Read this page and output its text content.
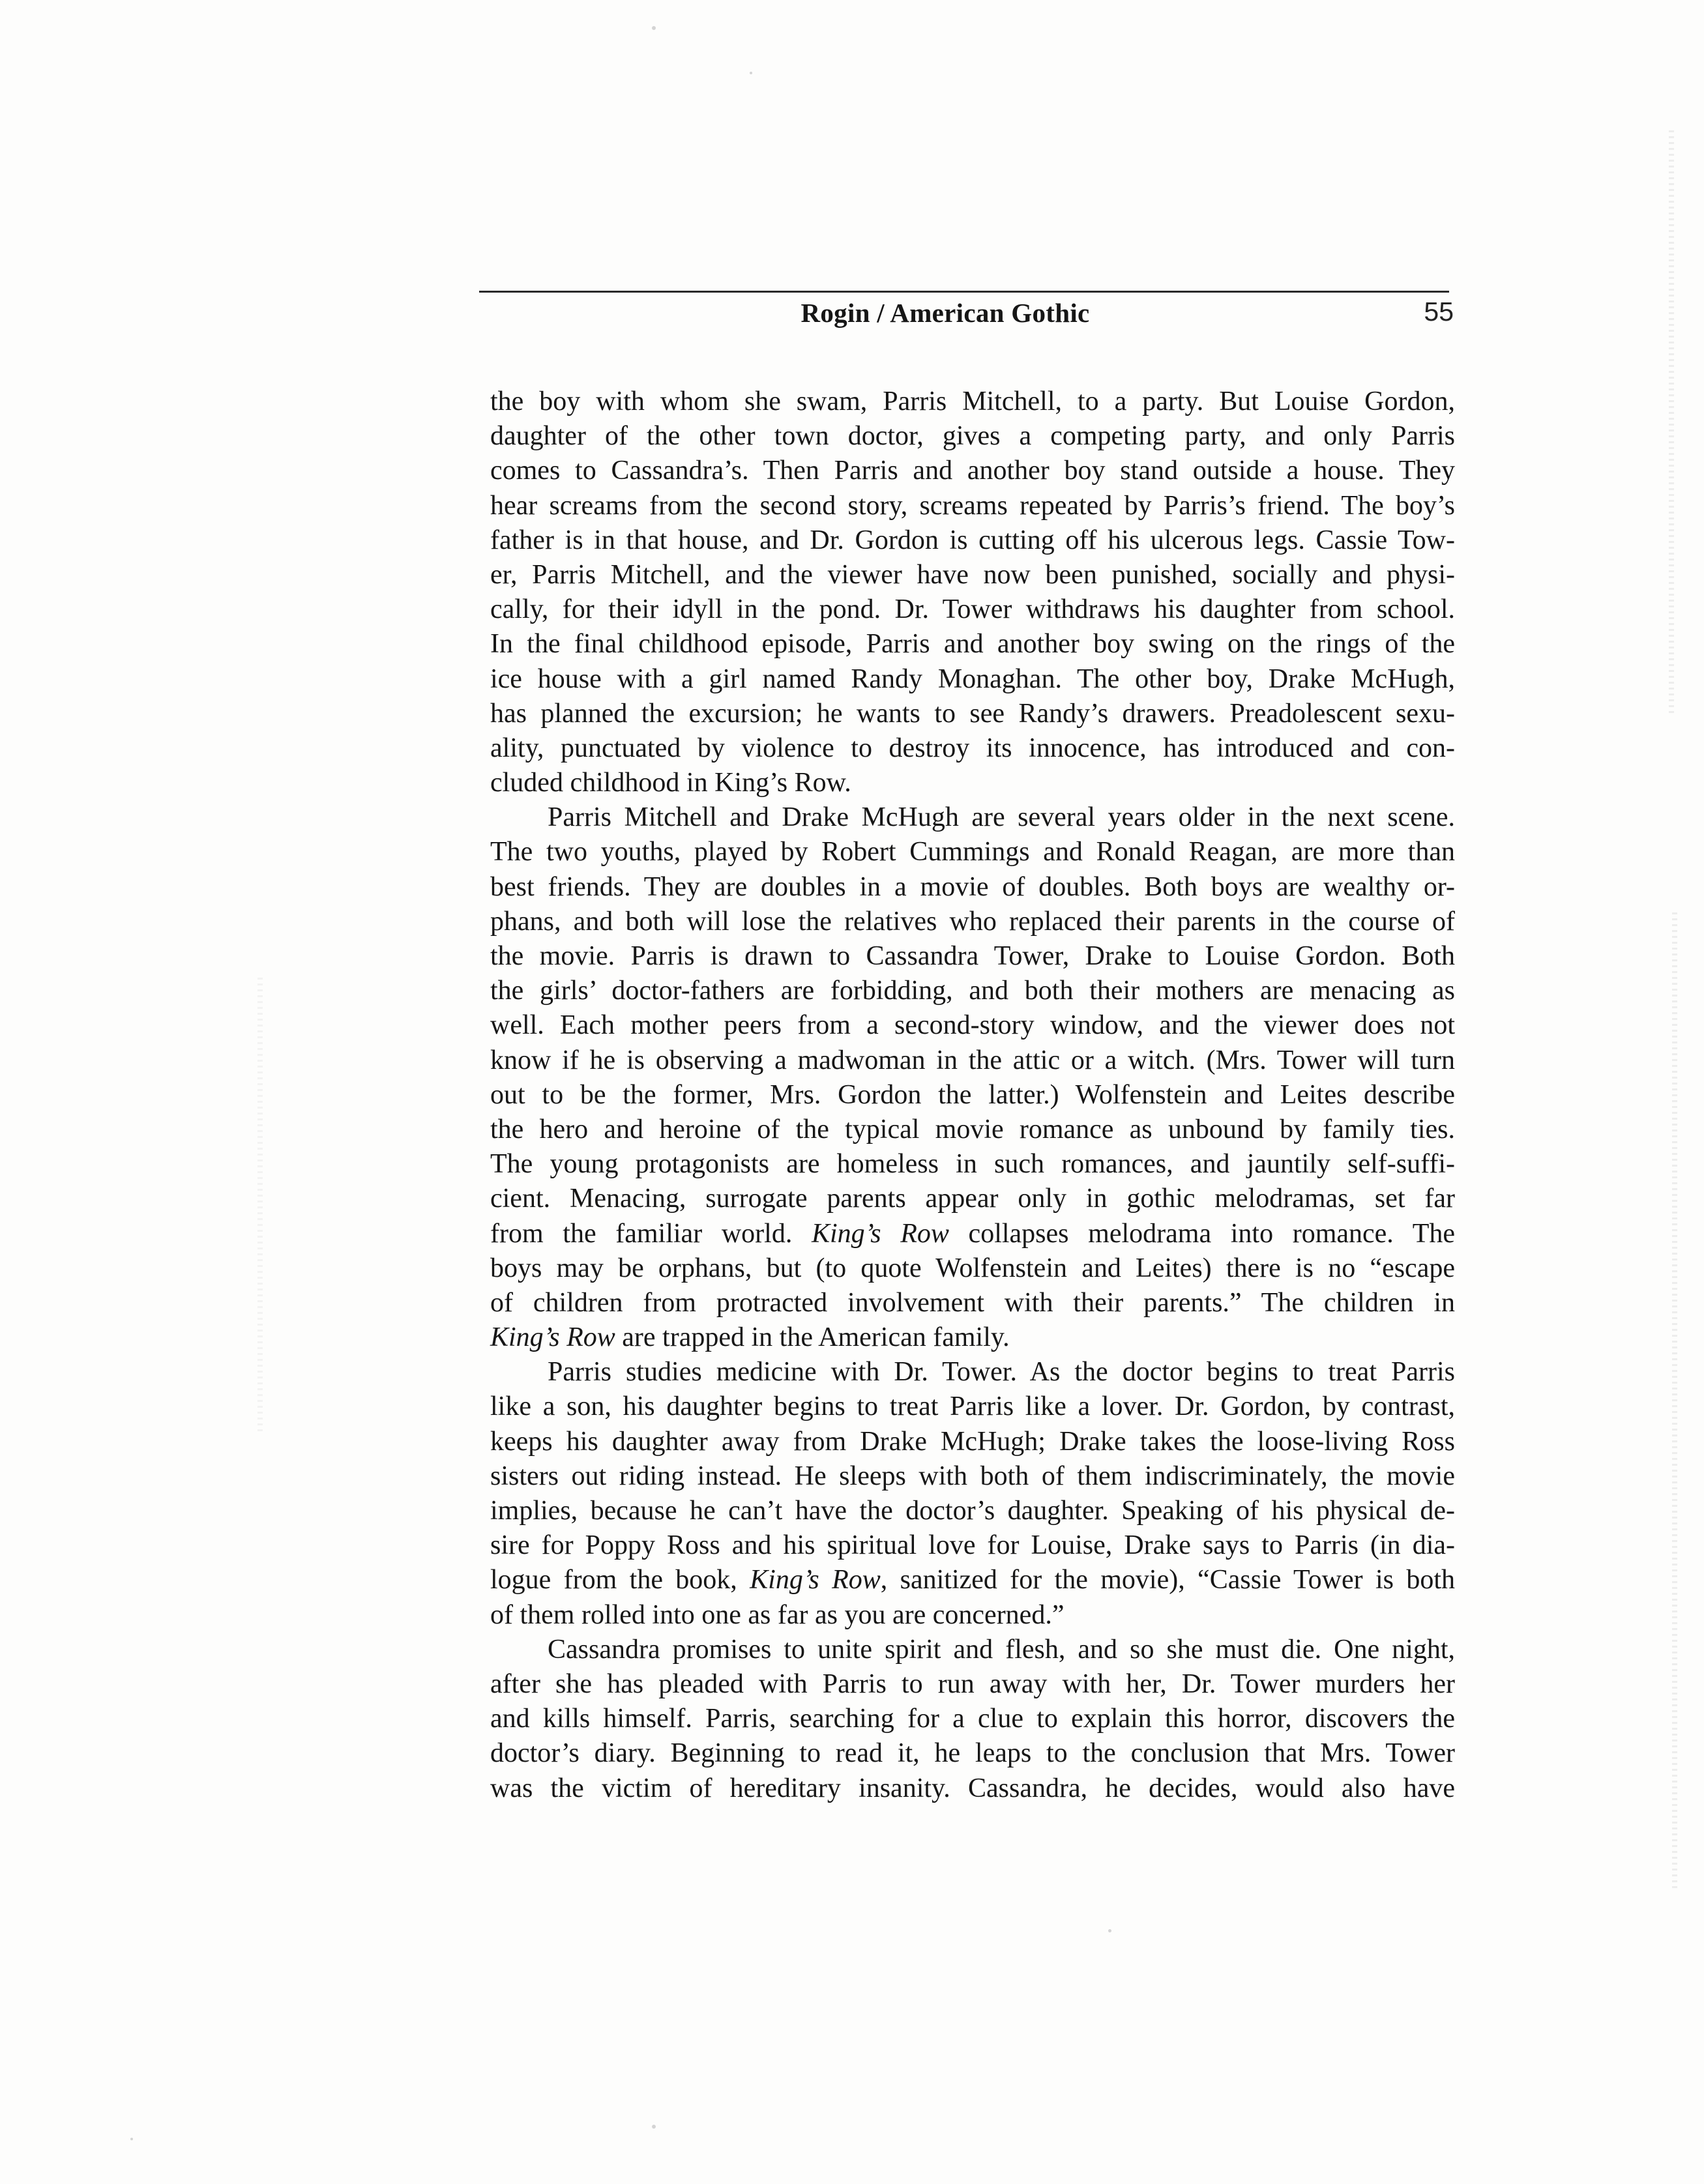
Rogin / American Gothic	55
the boy with whom she swam, Parris Mitchell, to a party. But Louise Gordon,
daughter of the other town doctor, gives a competing party, and only Parris
comes to Cassandra’s. Then Parris and another boy stand outside a house. They
hear screams from the second story, screams repeated by Parris’s friend. The boy’s
father is in that house, and Dr. Gordon is cutting off his ulcerous legs. Cassie Tow-
er, Parris Mitchell, and the viewer have now been punished, socially and physi-
cally, for their idyll in the pond. Dr. Tower withdraws his daughter from school.
In the final childhood episode, Parris and another boy swing on the rings of the
ice house with a girl named Randy Monaghan. The other boy, Drake McHugh,
has planned the excursion; he wants to see Randy’s drawers. Preadolescent sexu-
ality, punctuated by violence to destroy its innocence, has introduced and con-
cluded childhood in King’s Row.
Parris Mitchell and Drake McHugh are several years older in the next scene.
The two youths, played by Robert Cummings and Ronald Reagan, are more than
best friends. They are doubles in a movie of doubles. Both boys are wealthy or-
phans, and both will lose the relatives who replaced their parents in the course of
the movie. Parris is drawn to Cassandra Tower, Drake to Louise Gordon. Both
the girls’ doctor-fathers are forbidding, and both their mothers are menacing as
well. Each mother peers from a second-story window, and the viewer does not
know if he is observing a madwoman in the attic or a witch. (Mrs. Tower will turn
out to be the former, Mrs. Gordon the latter.) Wolfenstein and Leites describe
the hero and heroine of the typical movie romance as unbound by family ties.
The young protagonists are homeless in such romances, and jauntily self-suffi-
cient. Menacing, surrogate parents appear only in gothic melodramas, set far
from the familiar world. King’s Row collapses melodrama into romance. The
boys may be orphans, but (to quote Wolfenstein and Leites) there is no “escape
of children from protracted involvement with their parents.” The children in
King’s Row are trapped in the American family.
Parris studies medicine with Dr. Tower. As the doctor begins to treat Parris
like a son, his daughter begins to treat Parris like a lover. Dr. Gordon, by contrast,
keeps his daughter away from Drake McHugh; Drake takes the loose-living Ross
sisters out riding instead. He sleeps with both of them indiscriminately, the movie
implies, because he can’t have the doctor’s daughter. Speaking of his physical de-
sire for Poppy Ross and his spiritual love for Louise, Drake says to Parris (in dia-
logue from the book, King’s Row, sanitized for the movie), “Cassie Tower is both
of them rolled into one as far as you are concerned.”
Cassandra promises to unite spirit and flesh, and so she must die. One night,
after she has pleaded with Parris to run away with her, Dr. Tower murders her
and kills himself. Parris, searching for a clue to explain this horror, discovers the
doctor’s diary. Beginning to read it, he leaps to the conclusion that Mrs. Tower
was the victim of hereditary insanity. Cassandra, he decides, would also have
